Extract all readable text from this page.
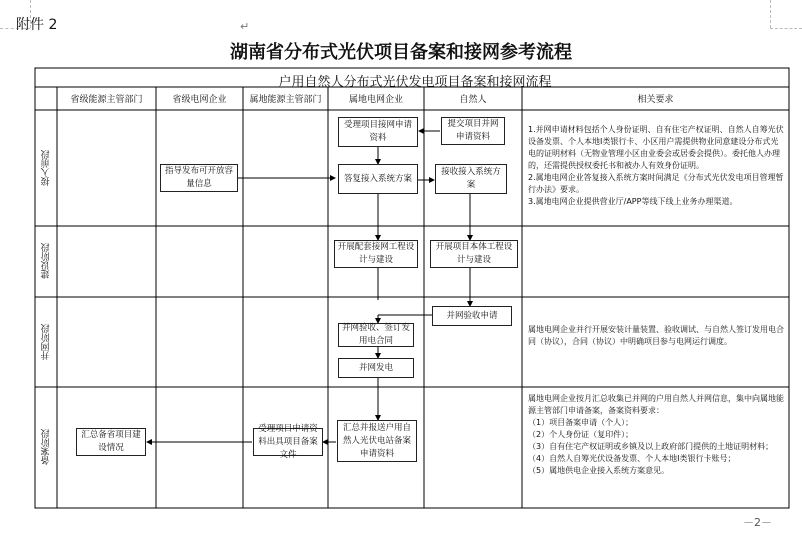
附件 2	↵
湖南省分布式光伏项目备案和接网参考流程
户用自然人分布式光伏发电项目备案和接网流程
省级能源主管部门	省级电网企业	属地能源主管部门	属地电网企业	自然人	相关要求
接入前段
建设阶段
并网阶段
备案阶段
受理项目接网申请资料
提交项目并网申请资料
指导发布可开放容量信息
答复接入系统方案
接收接入系统方案
开展配套接网工程设计与建设
开展项目本体工程设计与建设
并网验收申请
并网验收、签订发用电合同
并网发电
汇总并报送户用自然人光伏电站备案申请资料
受理项目申请资料出具项目备案文件
汇总备省项目建设情况
1.并网申请材料包括个人身份证明、自有住宅产权证明、自然人自筹光伏设备发票、个人本地I类银行卡、小区用户需提供物业同意建设分布式光电的证明材料（无物业管理小区由业委会或居委会提供）。委托他人办理的，还需提供授权委托书和被办人有效身份证明。
2.属地电网企业答复接入系统方案时间满足《分布式光伏发电项目管理暂行办法》要求。
3.属地电网企业提供营业厅/APP等线下线上业务办理渠道。
属地电网企业并行开展安装计量装置、验收调试、与自然人签订发用电合同（协议），合同（协议）中明确项目参与电网运行调度。
属地电网企业按月汇总收集已并网的户用自然人并网信息，集中向属地能源主管部门申请备案，备案资料要求：
（1）项目备案申请（个人）；
（2）个人身份证（复印件）；
（3）自有住宅产权证明或乡镇及以上政府部门提供的土地证明材料；
（4）自然人自筹光伏设备发票、个人本地I类银行卡账号；
（5）属地供电企业接入系统方案意见。
－2－
